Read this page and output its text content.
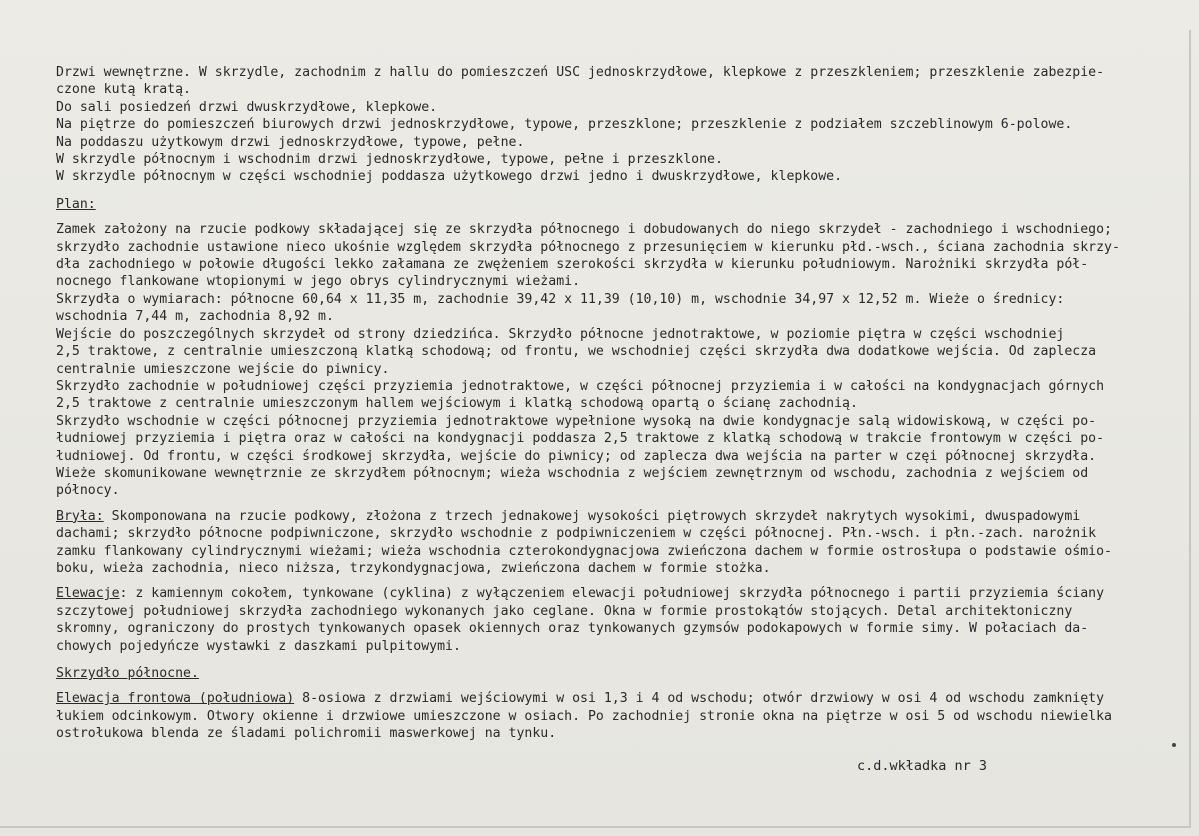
Drzwi wewnętrzne. W skrzydle, zachodnim z hallu do pomieszczeń USC jednoskrzydłowe, klepkowe z przeszkleniem; przeszklenie zabezpie-
czone kutą kratą.
Do sali posiedzeń drzwi dwuskrzydłowe, klepkowe.
Na piętrze do pomieszczeń biurowych drzwi jednoskrzydłowe, typowe, przeszklone; przeszklenie z podziałem szczeblinowym 6-polowe.
Na poddaszu użytkowym drzwi jednoskrzydłowe, typowe, pełne.
W skrzydle północnym i wschodnim drzwi jednoskrzydłowe, typowe, pełne i przeszklone.
W skrzydle północnym w części wschodniej poddasza użytkowego drzwi jedno i dwuskrzydłowe, klepkowe.
Plan:
Zamek założony na rzucie podkowy składającej się ze skrzydła północnego i dobudowanych do niego skrzydeł - zachodniego i wschodniego;
skrzydło zachodnie ustawione nieco ukośnie względem skrzydła północnego z przesunięciem w kierunku płd.-wsch., ściana zachodnia skrzy-
dła zachodniego w połowie długości lekko załamana ze zwężeniem szerokości skrzydła w kierunku południowym. Narożniki skrzydła pół-
nocnego flankowane wtopionymi w jego obrys cylindrycznymi wieżami.
Skrzydła o wymiarach: północne 60,64 x 11,35 m, zachodnie 39,42 x 11,39 (10,10) m, wschodnie 34,97 x 12,52 m. Wieże o średnicy:
wschodnia 7,44 m, zachodnia 8,92 m.
Wejście do poszczególnych skrzydeł od strony dziedzińca. Skrzydło północne jednotraktowe, w poziomie piętra w części wschodniej
2,5 traktowe, z centralnie umieszczoną klatką schodową; od frontu, we wschodniej części skrzydła dwa dodatkowe wejścia. Od zaplecza
centralnie umieszczone wejście do piwnicy.
Skrzydło zachodnie w południowej części przyziemia jednotraktowe, w części północnej przyziemia i w całości na kondygnacjach górnych
2,5 traktowe z centralnie umieszczonym hallem wejściowym i klatką schodową opartą o ścianę zachodnią.
Skrzydło wschodnie w części północnej przyziemia jednotraktowe wypełnione wysoką na dwie kondygnacje salą widowiskową, w części po-
łudniowej przyziemia i piętra oraz w całości na kondygnacji poddasza 2,5 traktowe z klatką schodową w trakcie frontowym w części po-
łudniowej. Od frontu, w części środkowej skrzydła, wejście do piwnicy; od zaplecza dwa wejścia na parter w częi północnej skrzydła.
Wieże skomunikowane wewnętrznie ze skrzydłem północnym; wieża wschodnia z wejściem zewnętrznym od wschodu, zachodnia z wejściem od
północy.
Bryła: Skomponowana na rzucie podkowy, złożona z trzech jednakowej wysokości piętrowych skrzydeł nakrytych wysokimi, dwuspadowymi
dachami; skrzydło północne podpiwniczone, skrzydło wschodnie z podpiwniczeniem w części północnej. Płn.-wsch. i płn.-zach. narożnik
zamku flankowany cylindrycznymi wieżami; wieża wschodnia czterokondygnacjowa zwieńczona dachem w formie ostrosłupa o podstawie ośmio-
boku, wieża zachodnia, nieco niższa, trzykondygnacjowa, zwieńczona dachem w formie stożka.
Elewacje: z kamiennym cokołem, tynkowane (cyklina) z wyłączeniem elewacji południowej skrzydła północnego i partii przyziemia ściany
szczytowej południowej skrzydła zachodniego wykonanych jako ceglane. Okna w formie prostokątów stojących. Detal architektoniczny
skromny, ograniczony do prostych tynkowanych opasek okiennych oraz tynkowanych gzymsów podokapowych w formie simy. W połaciach da-
chowych pojedyńcze wystawki z daszkami pulpitowymi.
Skrzydło północne.
Elewacja frontowa (południowa) 8-osiowa z drzwiami wejściowymi w osi 1,3 i 4 od wschodu; otwór drzwiowy w osi 4 od wschodu zamknięty
łukiem odcinkowym. Otwory okienne i drzwiowe umieszczone w osiach. Po zachodniej stronie okna na piętrze w osi 5 od wschodu niewielka
ostrołukowa blenda ze śladami polichromii maswerkowej na tynku.
c.d.wkładka nr 3
